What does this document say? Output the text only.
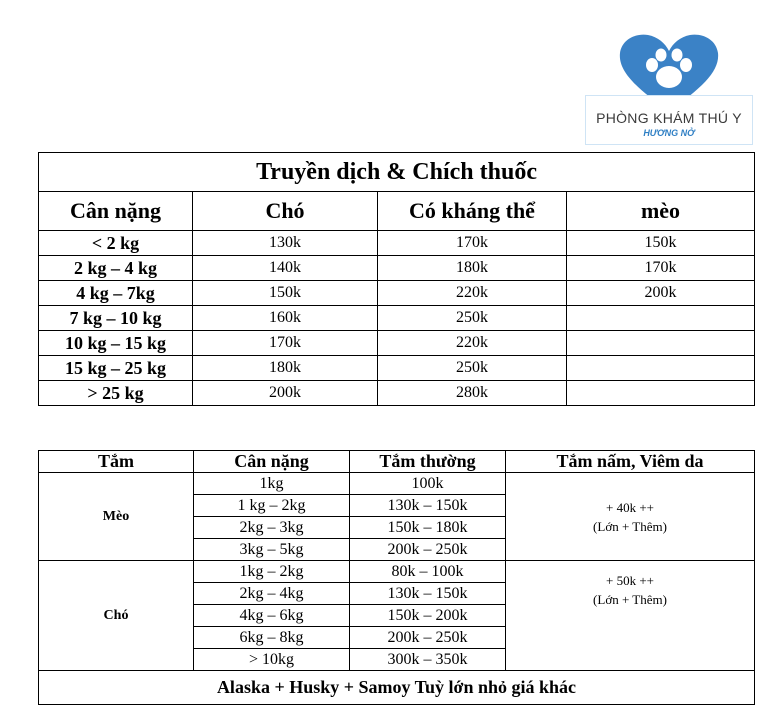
PHÒNG KHÁM THÚ Y
HƯƠNG NỞ
Truyền dịch & Chích thuốc			
Cân nặng	Chó	Có kháng thể	mèo
< 2 kg	130k	170k	150k
2 kg – 4 kg	140k	180k	170k
4 kg – 7kg	150k	220k	200k
7 kg – 10 kg	160k	250k	
10 kg – 15 kg	170k	220k	
15 kg – 25 kg	180k	250k	
> 25 kg	200k	280k	
Tắm	Cân nặng	Tắm thường	Tắm nấm, Viêm da
Mèo	1kg	100k	+ 40k ++
(Lớn + Thêm)

	1 kg – 2kg	130k – 150k	
	2kg – 3kg	150k – 180k	
	3kg – 5kg	200k – 250k	
Chó	1kg – 2kg	80k – 100k	+ 50k ++
(Lớn + Thêm)

	2kg – 4kg	130k – 150k	
	4kg – 6kg	150k – 200k	
	6kg – 8kg	200k – 250k	
	> 10kg	300k – 350k	
Alaska + Husky + Samoy Tuỳ lớn nhỏ giá khác			
